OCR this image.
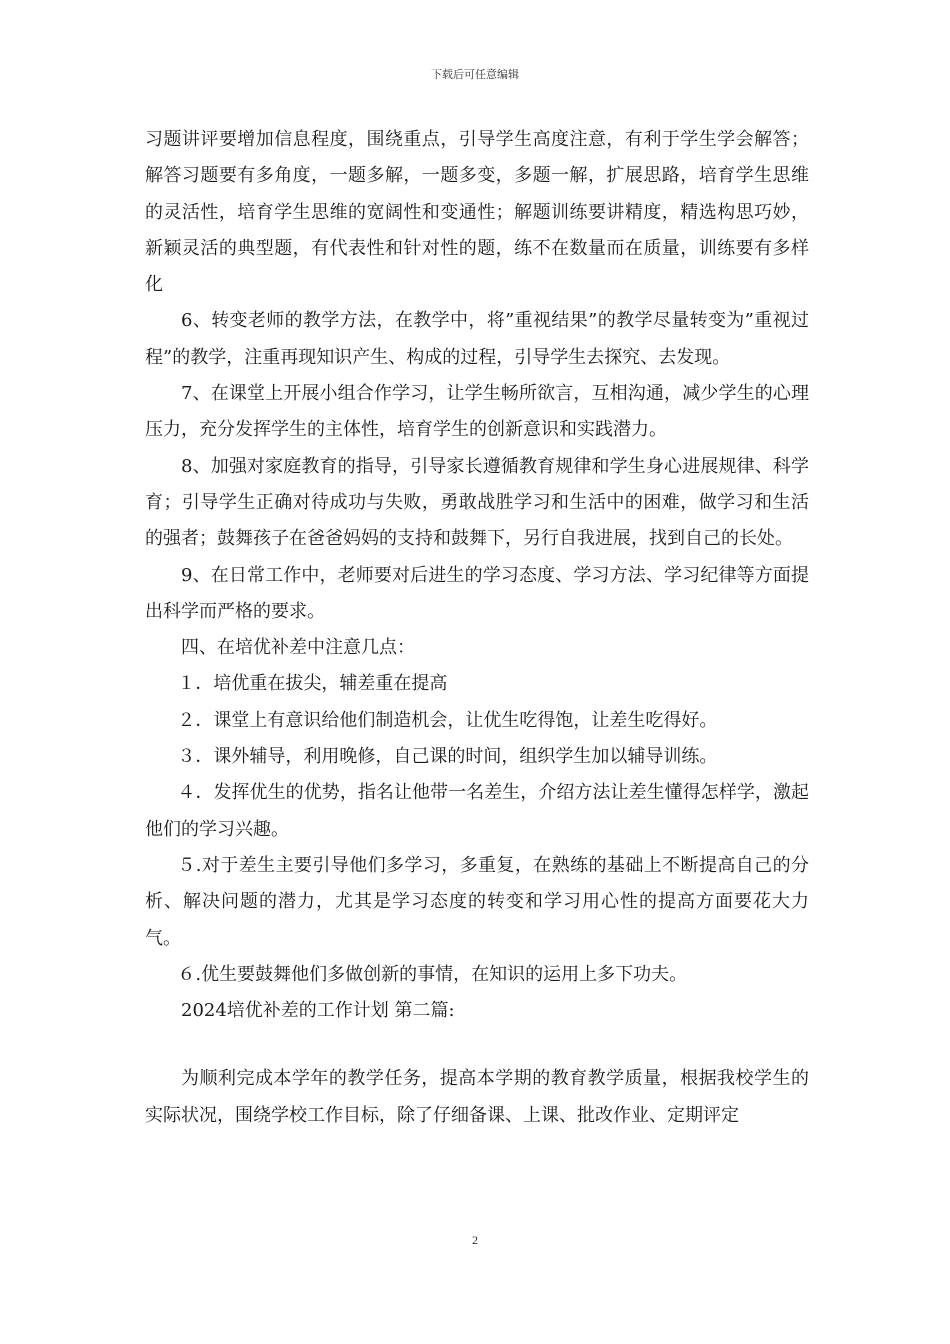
下载后可任意编辑

习题讲评要增加信息程度，围绕重点，引导学生高度注意，有利于学生学会解答；解答习题要有多角度，一题多解，一题多变，多题一解，扩展思路，培育学生思维的灵活性，培育学生思维的宽阔性和变通性；解题训练要讲精度，精选构思巧妙，新颖灵活的典型题，有代表性和针对性的题，练不在数量而在质量，训练要有多样化

6、转变老师的教学方法，在教学中，将”重视结果”的教学尽量转变为”重视过程”的教学，注重再现知识产生、构成的过程，引导学生去探究、去发现。

7、在课堂上开展小组合作学习，让学生畅所欲言，互相沟通，减少学生的心理压力，充分发挥学生的主体性，培育学生的创新意识和实践潜力。

8、加强对家庭教育的指导，引导家长遵循教育规律和学生身心进展规律、科学育；引导学生正确对待成功与失败，勇敢战胜学习和生活中的困难，做学习和生活的强者；鼓舞孩子在爸爸妈妈的支持和鼓舞下，另行自我进展，找到自己的长处。

9、在日常工作中，老师要对后进生的学习态度、学习方法、学习纪律等方面提出科学而严格的要求。

四、在培优补差中注意几点：

１．培优重在拔尖，辅差重在提高

２．课堂上有意识给他们制造机会，让优生吃得饱，让差生吃得好。

３．课外辅导，利用晚修，自己课的时间，组织学生加以辅导训练。

４．发挥优生的优势，指名让他带一名差生，介绍方法让差生懂得怎样学，激起他们的学习兴趣。

５.对于差生主要引导他们多学习，多重复，在熟练的基础上不断提高自己的分析、解决问题的潜力，尤其是学习态度的转变和学习用心性的提高方面要花大力气。

６.优生要鼓舞他们多做创新的事情，在知识的运用上多下功夫。

2024培优补差的工作计划 第二篇:

为顺利完成本学年的教学任务，提高本学期的教育教学质量，根据我校学生的实际状况，围绕学校工作目标，除了仔细备课、上课、批改作业、定期评定

2
